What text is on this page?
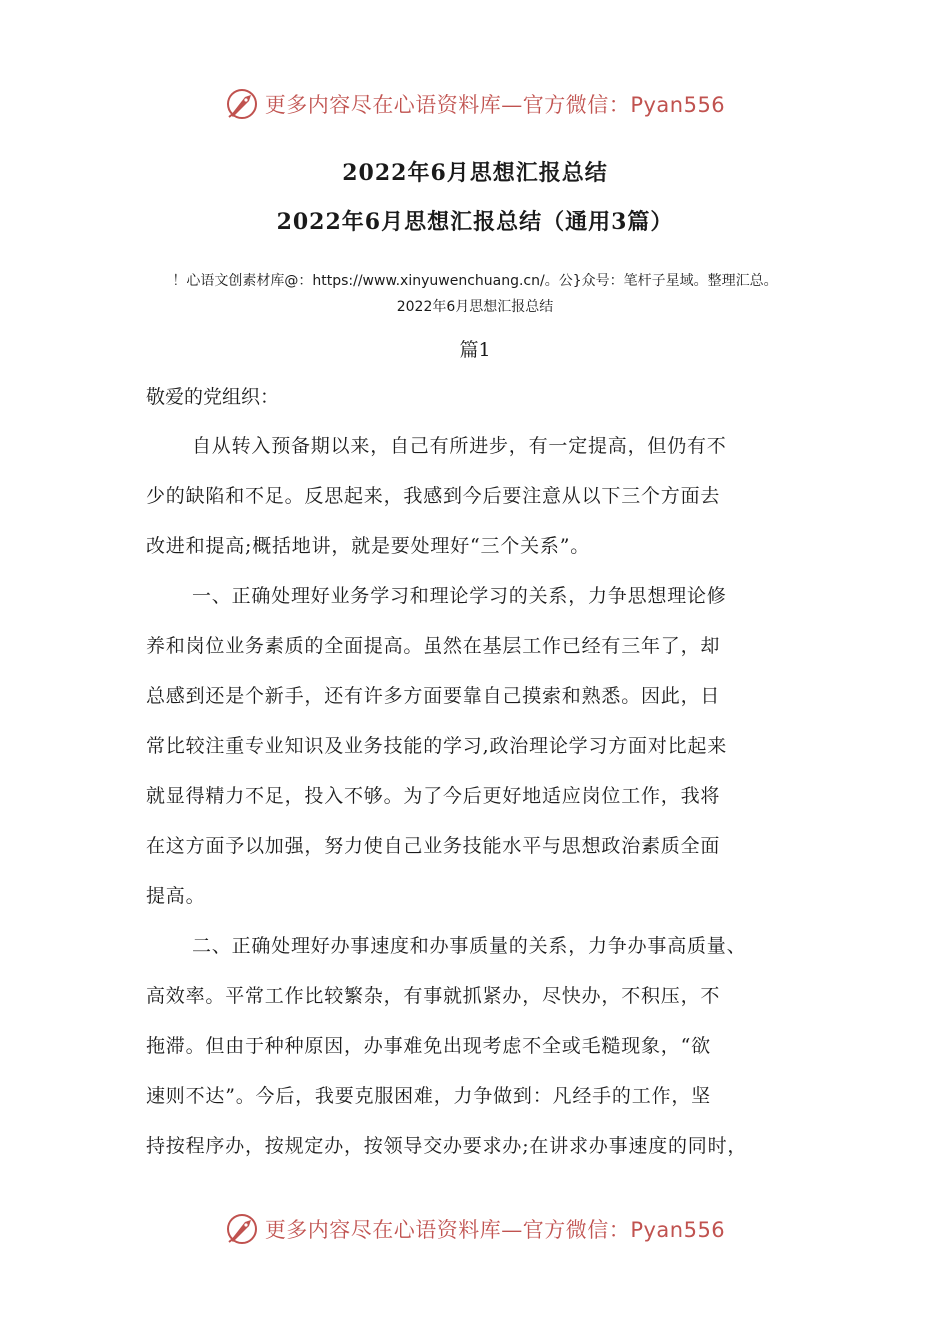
更多内容尽在心语资料库—官方微信：Pyan556
2022年6月思想汇报总结
2022年6月思想汇报总结（通用3篇）
！心语文创素材库@：https://www.xinyuwenchuang.cn/。公}众号：笔杆子星域。整理汇总。
2022年6月思想汇报总结
篇1
敬爱的党组织：
自从转入预备期以来，自己有所进步，有一定提高，但仍有不
少的缺陷和不足。反思起来，我感到今后要注意从以下三个方面去
改进和提高;概括地讲，就是要处理好“三个关系”。
一、正确处理好业务学习和理论学习的关系，力争思想理论修
养和岗位业务素质的全面提高。虽然在基层工作已经有三年了，却
总感到还是个新手，还有许多方面要靠自己摸索和熟悉。因此，日
常比较注重专业知识及业务技能的学习,政治理论学习方面对比起来
就显得精力不足，投入不够。为了今后更好地适应岗位工作，我将
在这方面予以加强，努力使自己业务技能水平与思想政治素质全面
提高。
二、正确处理好办事速度和办事质量的关系，力争办事高质量、
高效率。平常工作比较繁杂，有事就抓紧办，尽快办，不积压，不
拖滞。但由于种种原因，办事难免出现考虑不全或毛糙现象，“欲
速则不达”。今后，我要克服困难，力争做到：凡经手的工作，坚
持按程序办，按规定办，按领导交办要求办;在讲求办事速度的同时，
更多内容尽在心语资料库—官方微信：Pyan556
